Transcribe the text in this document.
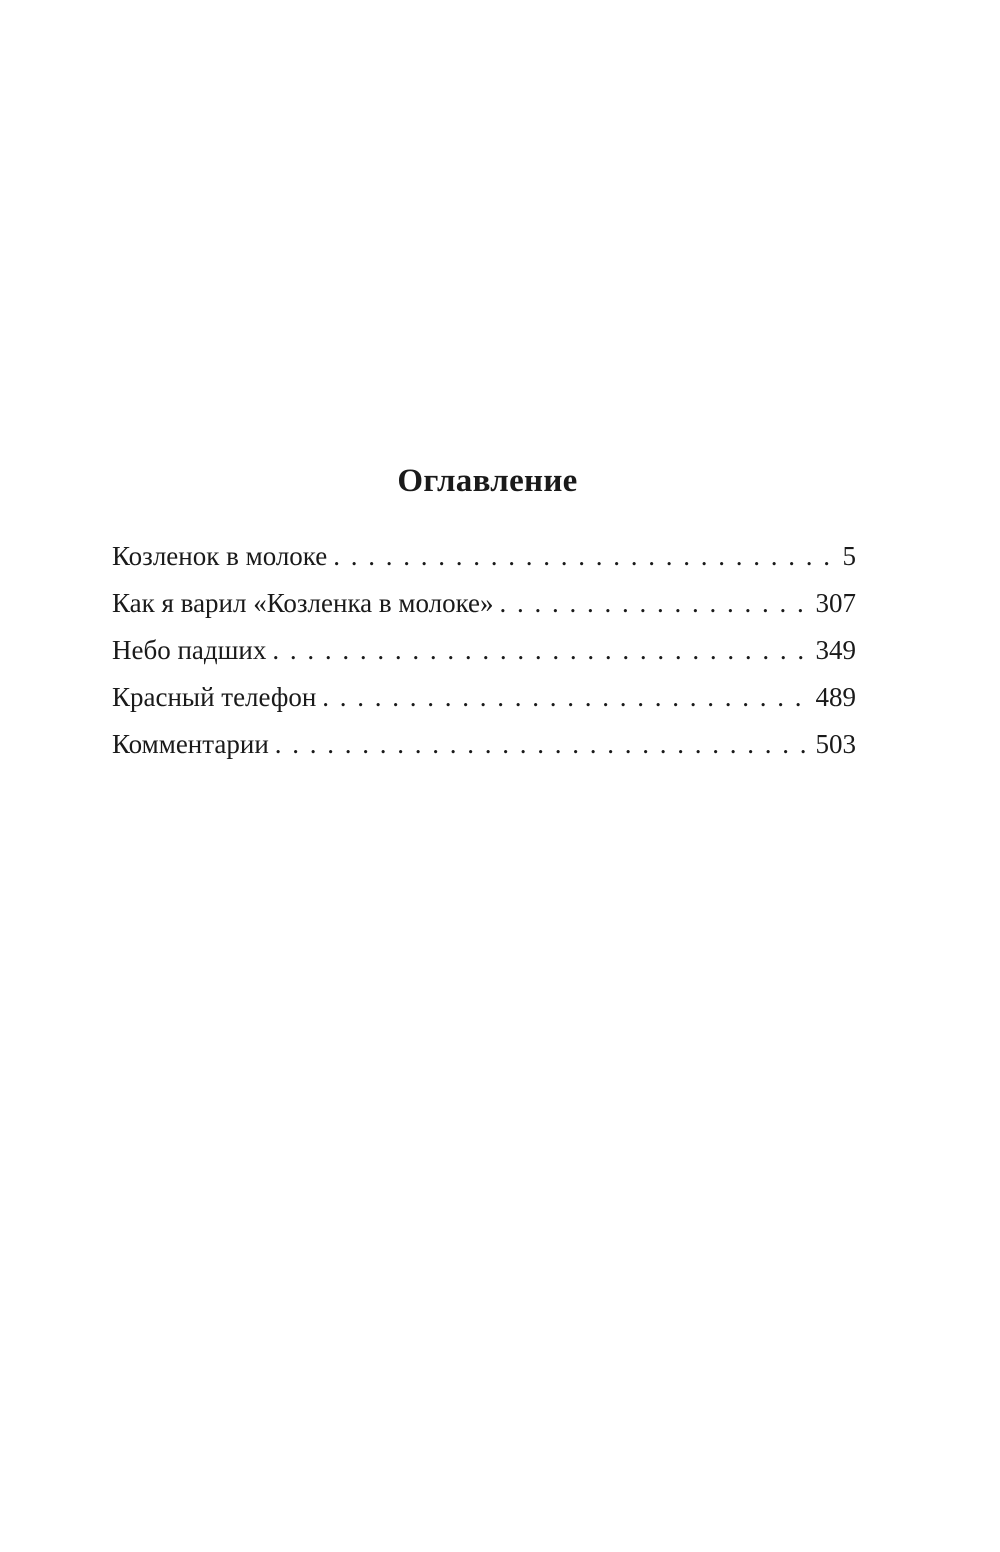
Оглавление
Козленок в молоке . . .	5
Как я варил «Козленка в молоке» . . .	307
Небо падших . . .	349
Красный телефон . . .	489
Комментарии . . .	503
